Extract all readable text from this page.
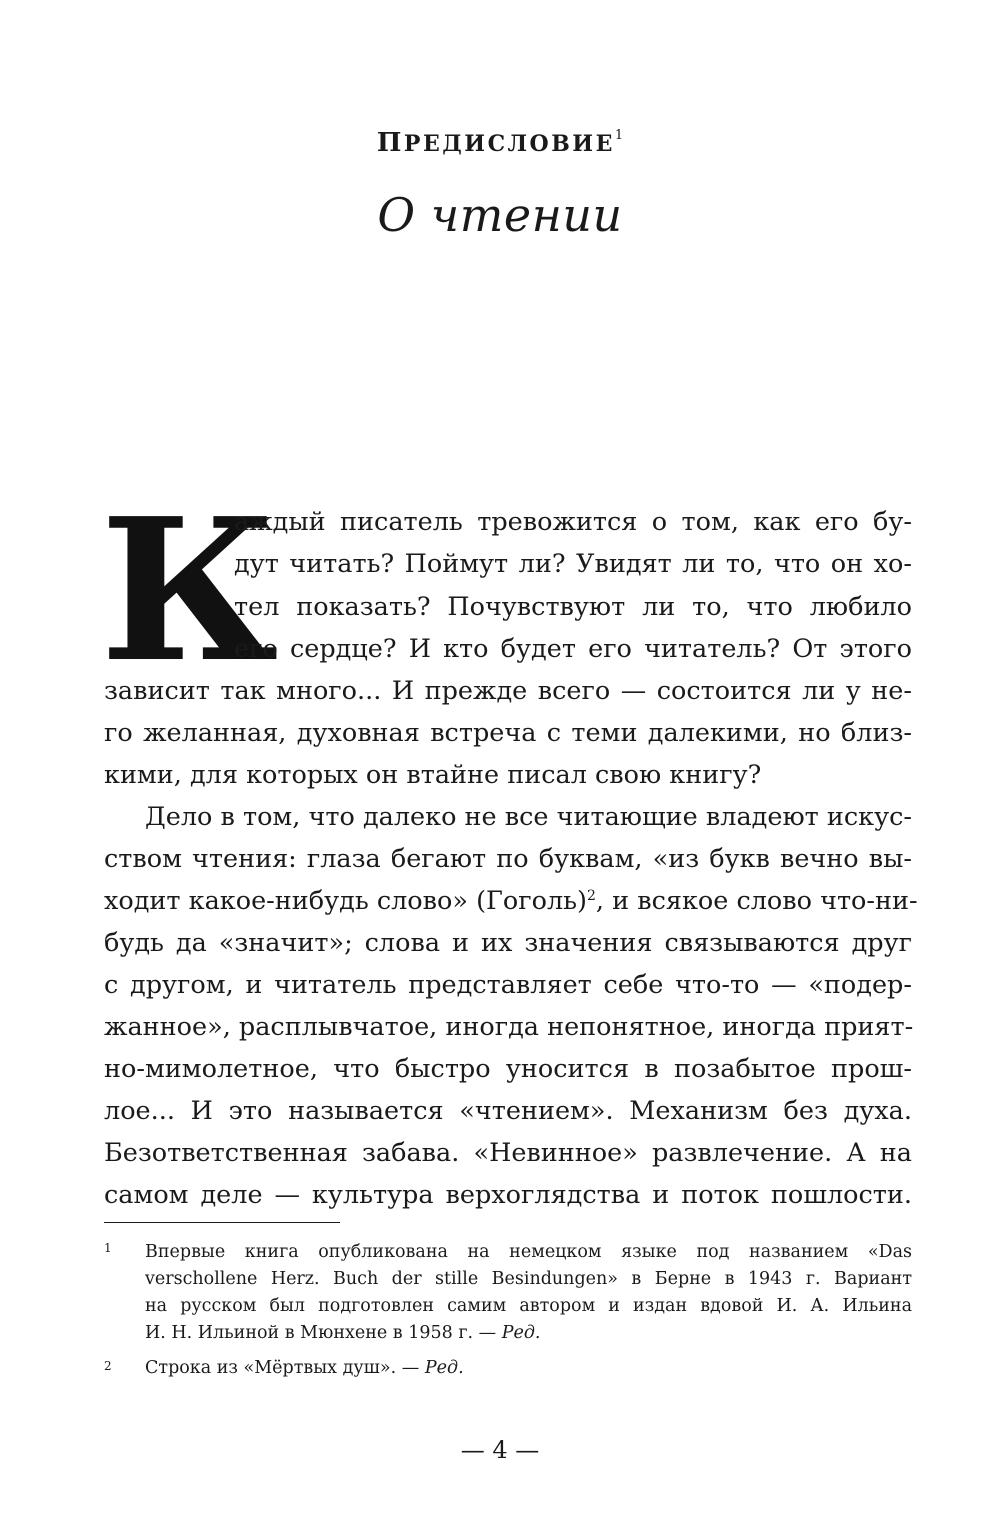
ПРЕДИСЛОВИЕ$^1$
О чтении
К
аждый писатель тревожится о том, как его бу-
дут читать? Поймут ли? Увидят ли то, что он хо-
тел показать? Почувствуют ли то, что любило
его сердце? И кто будет его читатель? От этого
зависит так много... И прежде всего — состоится ли у не-
го желанная, духовная встреча с теми далекими, но близ-
кими, для которых он втайне писал свою книгу?
Дело в том, что далеко не все читающие владеют искус-
ством чтения: глаза бегают по буквам, «из букв вечно вы-
ходит какое-нибудь слово» (Гоголь)$^2$, и всякое слово что-ни-
будь да «значит»; слова и их значения связываются друг
с другом, и читатель представляет себе что-то — «подер-
жанное», расплывчатое, иногда непонятное, иногда прият-
но-мимолетное, что быстро уносится в позабытое прош-
лое... И это называется «чтением». Механизм без духа.
Безответственная забава. «Невинное» развлечение. А на
самом деле — культура верхоглядства и поток пошлости.
1 Впервые книга опубликована на немецком языке под названием «Das
verschollene Herz. Buch der stille Besindungen» в Берне в 1943 г. Вариант
на русском был подготовлен самим автором и издан вдовой И. А. Ильина
И. Н. Ильиной в Мюнхене в 1958 г. — Ред.
2 Строка из «Мёртвых душ». — Ред.
— 4 —
